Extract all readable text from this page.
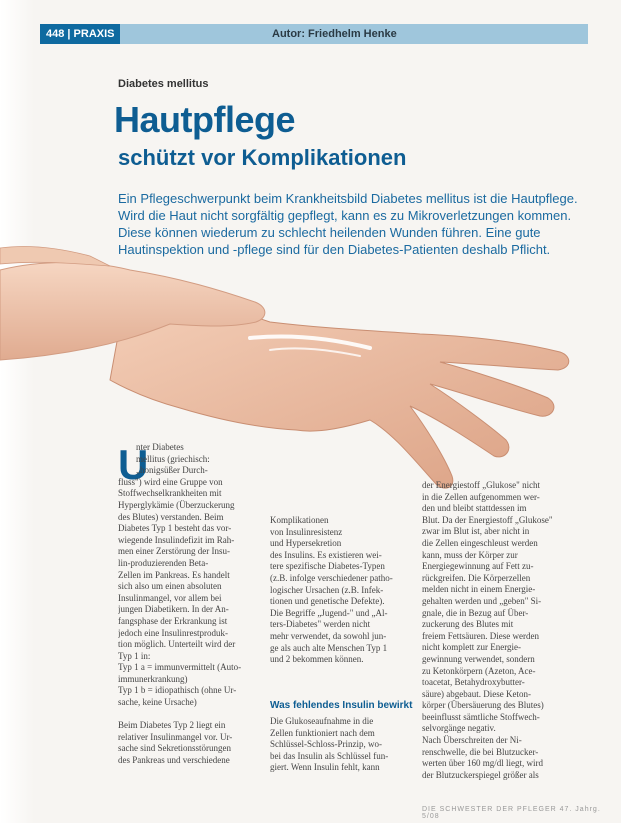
448 | PRAXIS	Autor: Friedhelm Henke
Diabetes mellitus
Hautpflege
schützt vor Komplikationen
Ein Pflegeschwerpunkt beim Krankheitsbild Diabetes mellitus ist die Hautpflege.
Wird die Haut nicht sorgfältig gepflegt, kann es zu Mikroverletzungen kommen.
Diese können wiederum zu schlecht heilenden Wunden führen. Eine gute
Hautinspektion und -pflege sind für den Diabetes-Patienten deshalb Pflicht.
U
nter Diabetes
mellitus (griechisch:
„honigsüßer Durch-
fluss") wird eine Gruppe von
Stoffwechselkrankheiten mit
Hyperglykämie (Überzuckerung
des Blutes) verstanden. Beim
Diabetes Typ 1 besteht das vor-
wiegende Insulindefizit im Rah-
men einer Zerstörung der Insu-
lin-produzierenden Beta-
Zellen im Pankreas. Es handelt
sich also um einen absoluten
Insulinmangel, vor allem bei
jungen Diabetikern. In der An-
fangsphase der Erkrankung ist
jedoch eine Insulinrestproduk-
tion möglich. Unterteilt wird der
Typ 1 in:
Typ 1 a = immunvermittelt (Auto-
immunerkrankung)
Typ 1 b = idiopathisch (ohne Ur-
sache, keine Ursache)

Beim Diabetes Typ 2 liegt ein
relativer Insulinmangel vor. Ur-
sache sind Sekretionsstörungen
des Pankreas und verschiedene
Komplikationen
von Insulinresistenz
und Hypersekretion
des Insulins. Es existieren wei-
tere spezifische Diabetes-Typen
(z.B. infolge verschiedener patho-
logischer Ursachen (z.B. Infek-
tionen und genetische Defekte).
Die Begriffe „Jugend-" und „Al-
ters-Diabetes" werden nicht
mehr verwendet, da sowohl jun-
ge als auch alte Menschen Typ 1
und 2 bekommen können.
Was fehlendes Insulin bewirkt
Die Glukoseaufnahme in die
Zellen funktioniert nach dem
Schlüssel-Schloss-Prinzip, wo-
bei das Insulin als Schlüssel fun-
giert. Wenn Insulin fehlt, kann
der Energiestoff „Glukose" nicht
in die Zellen aufgenommen wer-
den und bleibt stattdessen im
Blut. Da der Energiestoff „Glukose"
zwar im Blut ist, aber nicht in
die Zellen eingeschleust werden
kann, muss der Körper zur
Energiegewinnung auf Fett zu-
rückgreifen. Die Körperzellen
melden nicht in einem Energie-
gehalten werden und „geben" Si-
gnale, die in Bezug auf Über-
zuckerung des Blutes mit
freiem Fettsäuren. Diese werden
nicht komplett zur Energie-
gewinnung verwendet, sondern
zu Ketonkörpern (Azeton, Ace-
toacetat, Betahydroxybutter-
säure) abgebaut. Diese Keton-
körper (Übersäuerung des Blutes)
beeinflusst sämtliche Stoffwech-
selvorgänge negativ.
Nach Überschreiten der Ni-
renschwelle, die bei Blutzucker-
werten über 160 mg/dl liegt, wird
der Blutzuckerspiegel größer als
DIE SCHWESTER DER PFLEGER 47. Jahrg. 5/08
